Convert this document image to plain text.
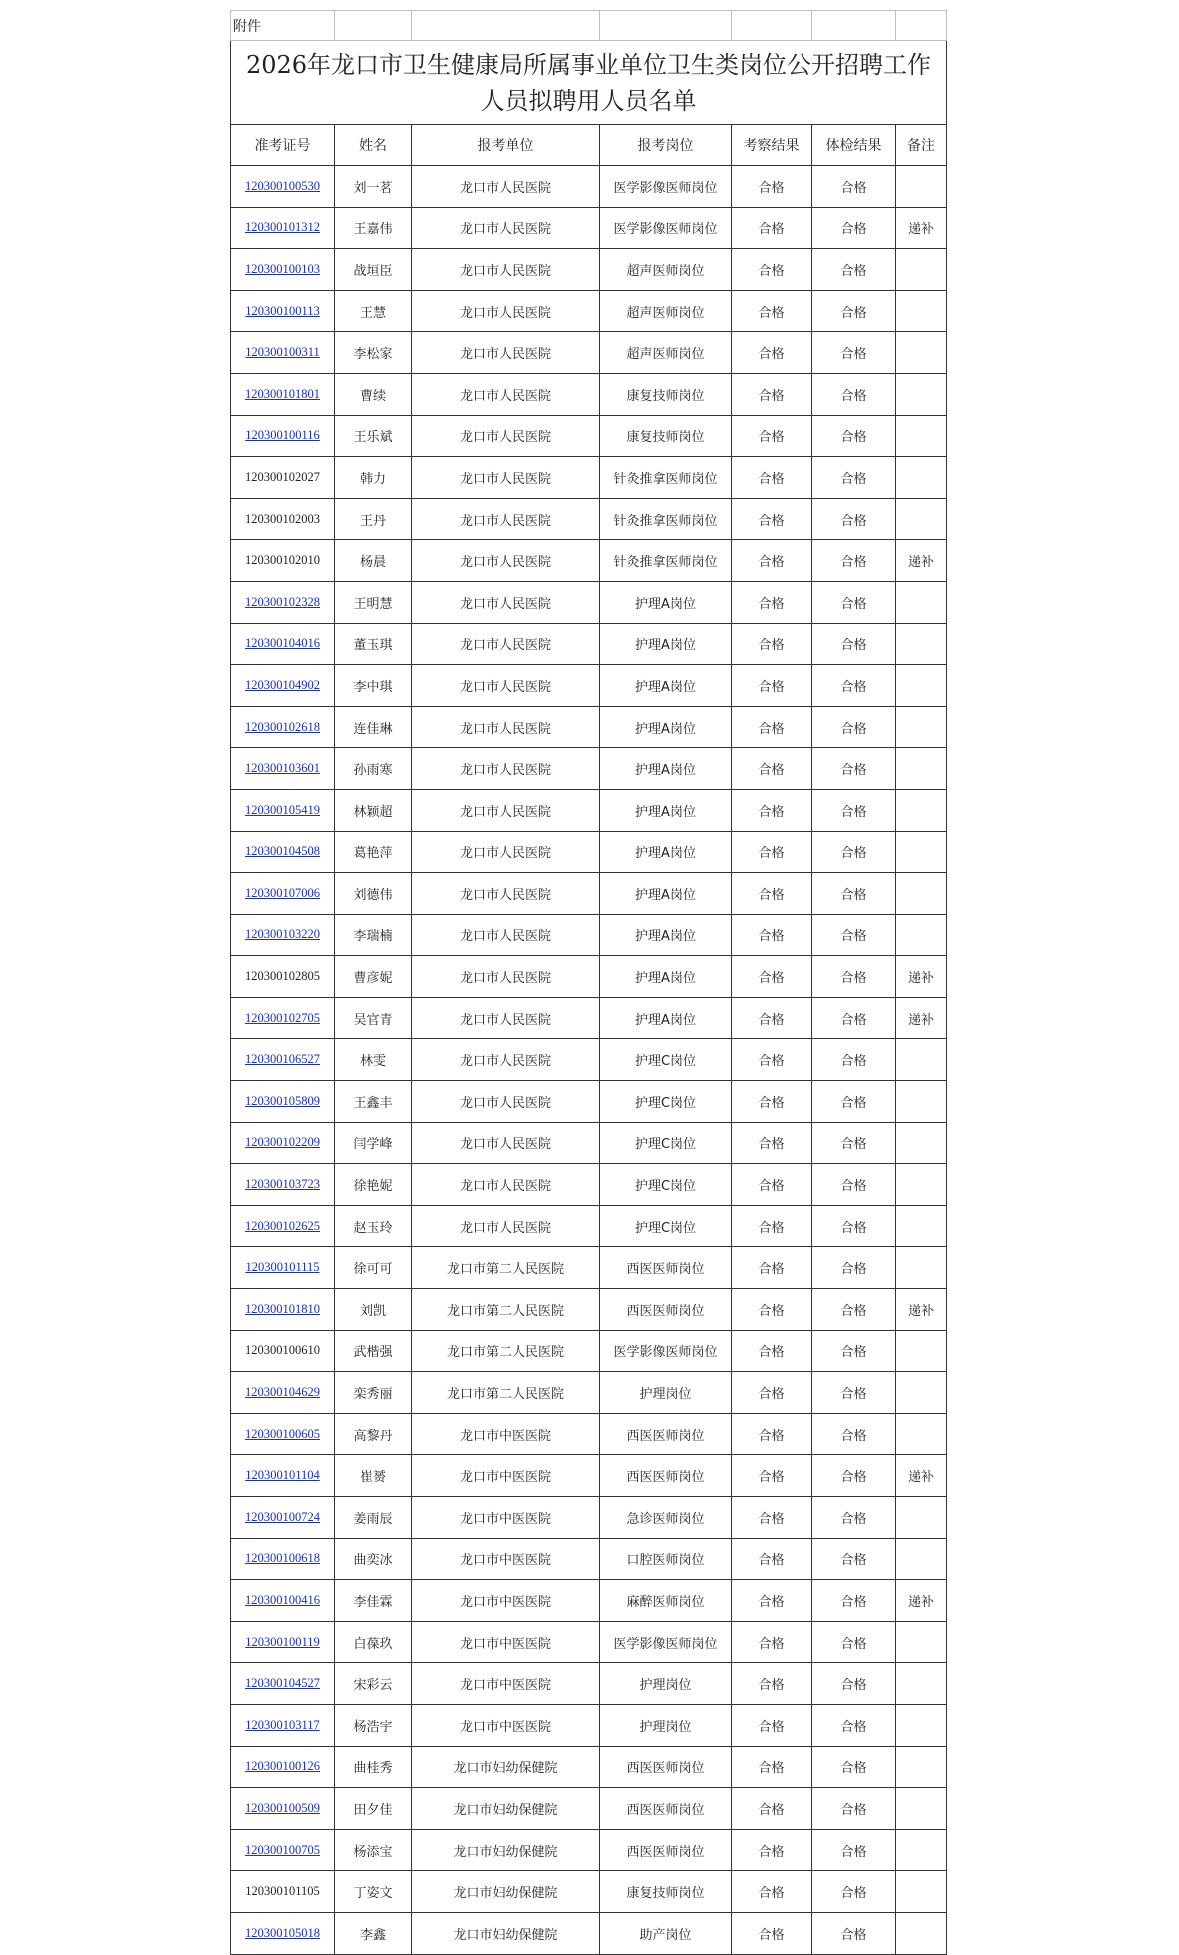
附件						
2026年龙口市卫生健康局所属事业单位卫生类岗位公开招聘工作人员拟聘用人员名单						
准考证号	姓名	报考单位	报考岗位	考察结果	体检结果	备注
120300100530	刘一茗	龙口市人民医院	医学影像医师岗位	合格	合格	
120300101312	王嘉伟	龙口市人民医院	医学影像医师岗位	合格	合格	递补
120300100103	战垣臣	龙口市人民医院	超声医师岗位	合格	合格	
120300100113	王慧	龙口市人民医院	超声医师岗位	合格	合格	
120300100311	李松家	龙口市人民医院	超声医师岗位	合格	合格	
120300101801	曹续	龙口市人民医院	康复技师岗位	合格	合格	
120300100116	王乐斌	龙口市人民医院	康复技师岗位	合格	合格	
120300102027	韩力	龙口市人民医院	针灸推拿医师岗位	合格	合格	
120300102003	王丹	龙口市人民医院	针灸推拿医师岗位	合格	合格	
120300102010	杨晨	龙口市人民医院	针灸推拿医师岗位	合格	合格	递补
120300102328	王明慧	龙口市人民医院	护理A岗位	合格	合格	
120300104016	董玉琪	龙口市人民医院	护理A岗位	合格	合格	
120300104902	李中琪	龙口市人民医院	护理A岗位	合格	合格	
120300102618	连佳琳	龙口市人民医院	护理A岗位	合格	合格	
120300103601	孙雨寒	龙口市人民医院	护理A岗位	合格	合格	
120300105419	林颖超	龙口市人民医院	护理A岗位	合格	合格	
120300104508	葛艳萍	龙口市人民医院	护理A岗位	合格	合格	
120300107006	刘德伟	龙口市人民医院	护理A岗位	合格	合格	
120300103220	李瑞楠	龙口市人民医院	护理A岗位	合格	合格	
120300102805	曹彦妮	龙口市人民医院	护理A岗位	合格	合格	递补
120300102705	吴官青	龙口市人民医院	护理A岗位	合格	合格	递补
120300106527	林雯	龙口市人民医院	护理C岗位	合格	合格	
120300105809	王鑫丰	龙口市人民医院	护理C岗位	合格	合格	
120300102209	闫学峰	龙口市人民医院	护理C岗位	合格	合格	
120300103723	徐艳妮	龙口市人民医院	护理C岗位	合格	合格	
120300102625	赵玉玲	龙口市人民医院	护理C岗位	合格	合格	
120300101115	徐可可	龙口市第二人民医院	西医医师岗位	合格	合格	
120300101810	刘凯	龙口市第二人民医院	西医医师岗位	合格	合格	递补
120300100610	武楷强	龙口市第二人民医院	医学影像医师岗位	合格	合格	
120300104629	栾秀丽	龙口市第二人民医院	护理岗位	合格	合格	
120300100605	高黎丹	龙口市中医医院	西医医师岗位	合格	合格	
120300101104	崔赟	龙口市中医医院	西医医师岗位	合格	合格	递补
120300100724	姜雨辰	龙口市中医医院	急诊医师岗位	合格	合格	
120300100618	曲奕冰	龙口市中医医院	口腔医师岗位	合格	合格	
120300100416	李佳霖	龙口市中医医院	麻醉医师岗位	合格	合格	递补
120300100119	白葆玖	龙口市中医医院	医学影像医师岗位	合格	合格	
120300104527	宋彩云	龙口市中医医院	护理岗位	合格	合格	
120300103117	杨浩宇	龙口市中医医院	护理岗位	合格	合格	
120300100126	曲桂秀	龙口市妇幼保健院	西医医师岗位	合格	合格	
120300100509	田夕佳	龙口市妇幼保健院	西医医师岗位	合格	合格	
120300100705	杨添宝	龙口市妇幼保健院	西医医师岗位	合格	合格	
120300101105	丁姿文	龙口市妇幼保健院	康复技师岗位	合格	合格	
120300105018	李鑫	龙口市妇幼保健院	助产岗位	合格	合格	
